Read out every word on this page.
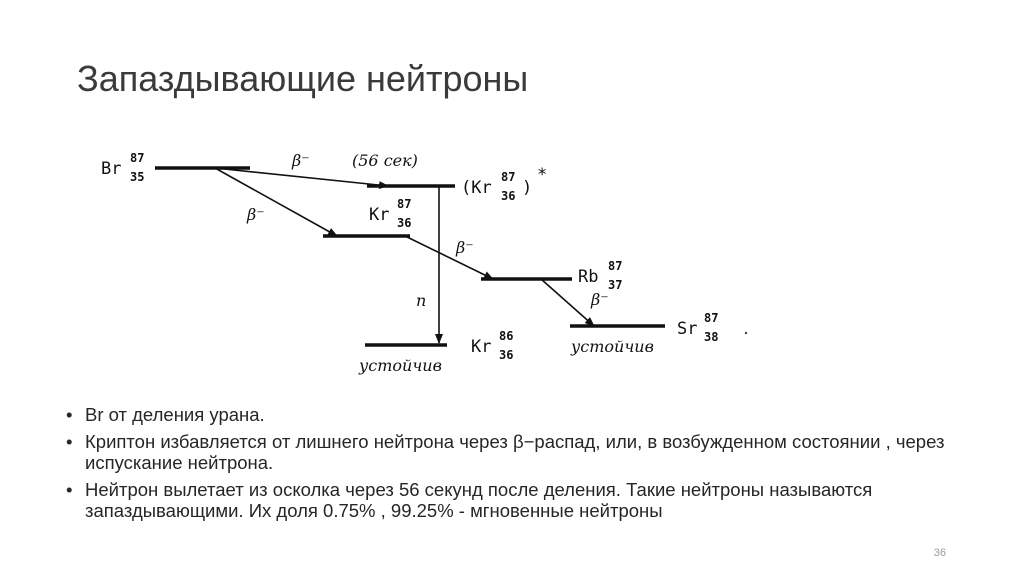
Запаздывающие нейтроны
Br
87
35
(Kr
87
36 )
*
Kr
87
36
Rb
87
37
Kr
86
36
Sr
87
38
β⁻	(56 сек)
β⁻
β⁻
β⁻
n
устойчив
устойчив
• Br от деления урана.
• Криптон избавляется от лишнего нейтрона через β−распад, или, в возбужденном состоянии , через испускание нейтрона.
• Нейтрон вылетает из осколка через 56 секунд после деления. Такие нейтроны называются запаздывающими. Их доля 0.75% , 99.25% - мгновенные нейтроны
36
